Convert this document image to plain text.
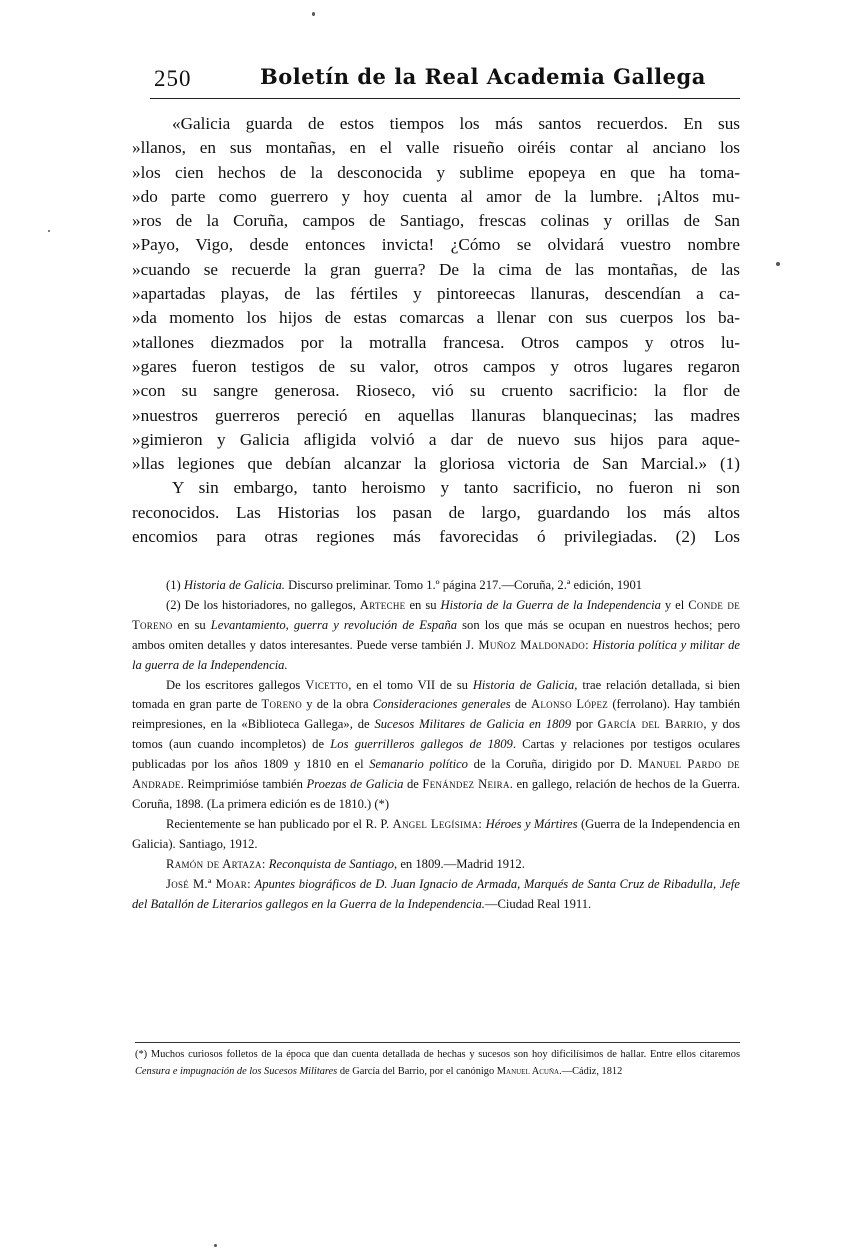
250	Boletín de la Real Academia Gallega
«Galicia guarda de estos tiempos los más santos recuerdos. En sus
»llanos, en sus montañas, en el valle risueño oiréis contar al anciano los
»los cien hechos de la desconocida y sublime epopeya en que ha toma-
»do parte como guerrero y hoy cuenta al amor de la lumbre. ¡Altos mu-
»ros de la Coruña, campos de Santiago, frescas colinas y orillas de San
»Payo, Vigo, desde entonces invicta! ¿Cómo se olvidará vuestro nombre
»cuando se recuerde la gran guerra? De la cima de las montañas, de las
»apartadas playas, de las fértiles y pintoreecas llanuras, descendían a ca-
»da momento los hijos de estas comarcas a llenar con sus cuerpos los ba-
»tallones diezmados por la motralla francesa. Otros campos y otros lu-
»gares fueron testigos de su valor, otros campos y otros lugares regaron
»con su sangre generosa. Rioseco, vió su cruento sacrificio: la flor de
»nuestros guerreros pereció en aquellas llanuras blanquecinas; las madres
»gimieron y Galicia afligida volvió a dar de nuevo sus hijos para aque-
»llas legiones que debían alcanzar la gloriosa victoria de San Marcial.» (1)
Y sin embargo, tanto heroismo y tanto sacrificio, no fueron ni son
reconocidos. Las Historias los pasan de largo, guardando los más altos
encomios para otras regiones más favorecidas ó privilegiadas. (2) Los

(1) Historia de Galicia. Discurso preliminar. Tomo 1.º página 217.—Coruña, 2.ª edición, 1901

(2) De los historiadores, no gallegos, Arteche en su Historia de la Guerra de la Independencia y el Conde de Toreno en su Levantamiento, guerra y revolución de España son los que más se ocupan en nuestros hechos; pero ambos omiten detalles y datos interesantes. Puede verse también J. Muñoz Maldonado: Historia política y militar de la guerra de la Independencia.

De los escritores gallegos Vicetto, en el tomo VII de su Historia de Galicia, trae relación detallada, si bien tomada en gran parte de Toreno y de la obra Consideraciones generales de Alonso López (ferrolano). Hay también reimpresiones, en la «Biblioteca Gallega», de Sucesos Militares de Galicia en 1809 por García del Barrio, y dos tomos (aun cuando incompletos) de Los guerrilleros gallegos de 1809. Cartas y relaciones por testigos oculares publicadas por los años 1809 y 1810 en el Semanario político de la Coruña, dirigido por D. Manuel Pardo de Andrade. Reimprimióse también Proezas de Galicia de Fenández Neira. en gallego, relación de hechos de la Guerra. Coruña, 1898. (La primera edición es de 1810.) (*)

Recientemente se han publicado por el R. P. Angel Legísima: Héroes y Mártires (Guerra de la Independencia en Galicia). Santiago, 1912.

Ramón de Artaza: Reconquista de Santiago, en 1809.—Madrid 1912.

José M.ª Moar: Apuntes biográficos de D. Juan Ignacio de Armada, Marqués de Santa Cruz de Ribadulla, Jefe del Batallón de Literarios gallegos en la Guerra de la Independencia.—Ciudad Real 1911.

(*) Muchos curiosos folletos de la época que dan cuenta detallada de hechas y sucesos son hoy dificilísimos de hallar. Entre ellos citaremos Censura e impugnación de los Sucesos Militares de García del Barrio, por el canónigo Manuel Acuña.—Cádiz, 1812
